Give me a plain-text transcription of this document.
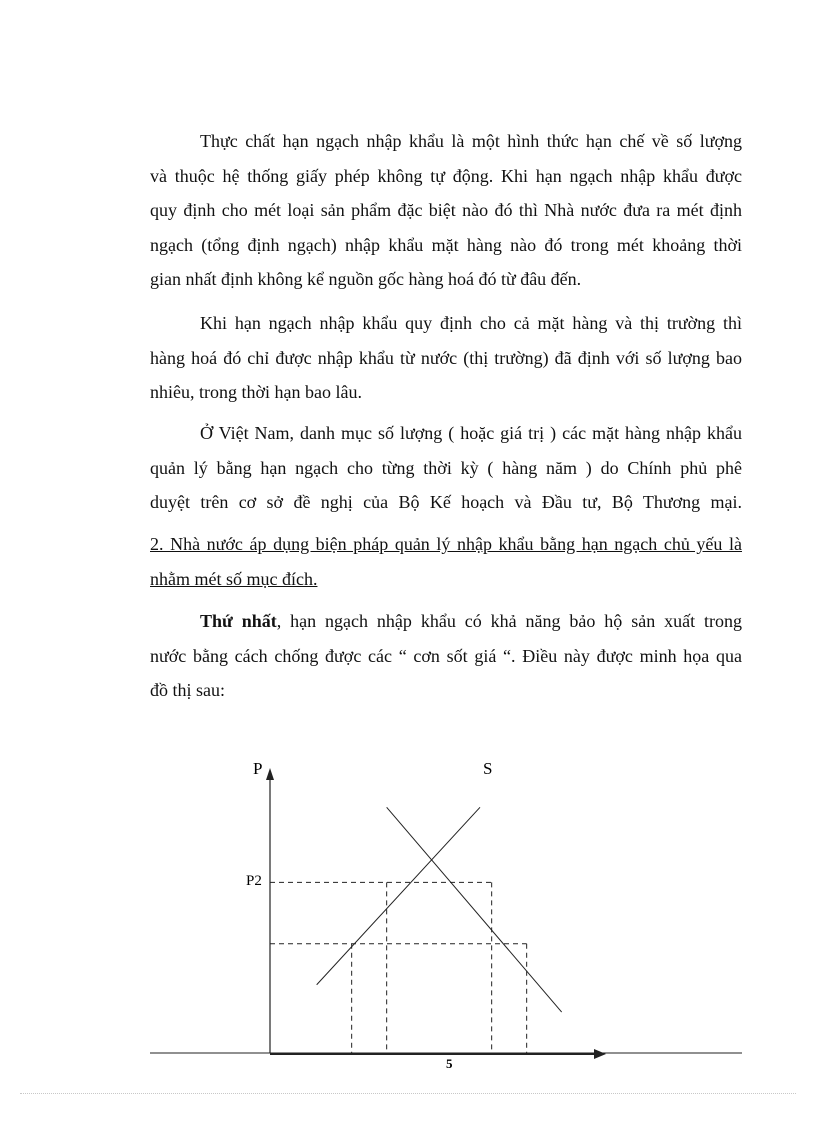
Thực chất hạn ngạch nhập khẩu là một hình thức hạn chế về số lượng
và thuộc hệ thống giấy phép không tự động. Khi hạn ngạch nhập khẩu được
quy định cho mét loại sản phẩm đặc biệt nào đó thì Nhà nước đưa ra mét định
ngạch (tổng định ngạch) nhập khẩu mặt hàng nào đó trong mét khoảng thời
gian nhất định không kể nguồn gốc hàng hoá đó từ đâu đến.
Khi hạn ngạch nhập khẩu quy định cho cả mặt hàng và thị trường thì
hàng hoá đó chỉ được nhập khẩu từ nước (thị trường) đã định với số lượng bao
nhiêu, trong thời hạn bao lâu.
Ở Việt Nam, danh mục số lượng ( hoặc giá trị ) các mặt hàng nhập khẩu
quản lý bằng hạn ngạch cho từng thời kỳ ( hàng năm ) do Chính phủ phê
duyệt trên cơ sở đề nghị của Bộ Kế hoạch và Đầu tư, Bộ Thương mại.
2. Nhà nước áp dụng biện pháp quản lý nhập khẩu bằng hạn ngạch chủ yếu là
nhằm mét số mục đích.
Thứ nhất, hạn ngạch nhập khẩu có khả năng bảo hộ sản xuất trong
nước bằng cách chống được các “ cơn sốt giá “. Điều này được minh họa qua
đồ thị sau:
P
P2
5
S
